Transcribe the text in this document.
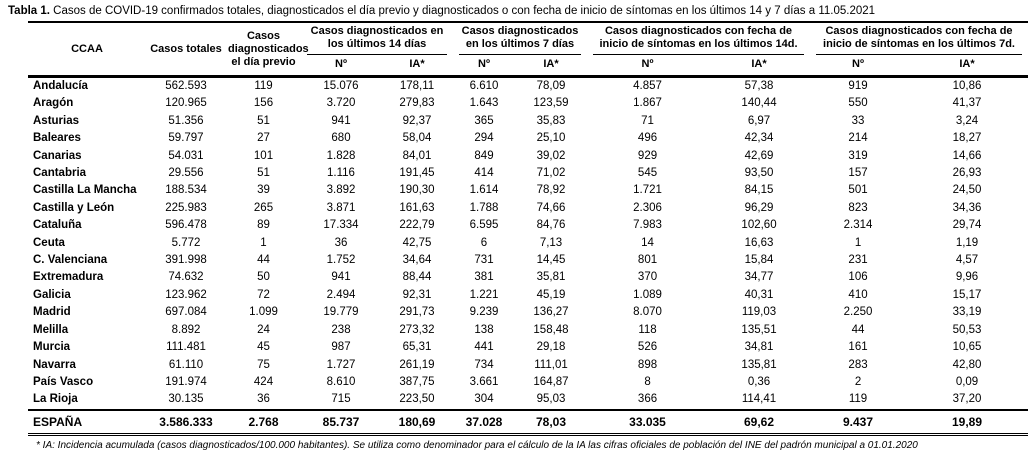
Tabla 1. Casos de COVID-19 confirmados totales, diagnosticados el día previo y diagnosticados o con fecha de inicio de síntomas en los últimos 14 y 7 días a 11.05.2021
CCAA	Casos totales	Casos diagnosticados el día previo	Casos diagnosticados en los últimos 14 días		Casos diagnosticados en los últimos 7 días		Casos diagnosticados con fecha de inicio de síntomas en los últimos 14d.		Casos diagnosticados con fecha de inicio de síntomas en los últimos 7d.	

			Nº	IA*	Nº	IA*	Nº	IA*	Nº	IA*
Andalucía	562.593	119	15.076	178,11	6.610	78,09	4.857	57,38	919	10,86
Aragón	120.965	156	3.720	279,83	1.643	123,59	1.867	140,44	550	41,37
Asturias	51.356	51	941	92,37	365	35,83	71	6,97	33	3,24
Baleares	59.797	27	680	58,04	294	25,10	496	42,34	214	18,27
Canarias	54.031	101	1.828	84,01	849	39,02	929	42,69	319	14,66
Cantabria	29.556	51	1.116	191,45	414	71,02	545	93,50	157	26,93
Castilla La Mancha	188.534	39	3.892	190,30	1.614	78,92	1.721	84,15	501	24,50
Castilla y León	225.983	265	3.871	161,63	1.788	74,66	2.306	96,29	823	34,36
Cataluña	596.478	89	17.334	222,79	6.595	84,76	7.983	102,60	2.314	29,74
Ceuta	5.772	1	36	42,75	6	7,13	14	16,63	1	1,19
C. Valenciana	391.998	44	1.752	34,64	731	14,45	801	15,84	231	4,57
Extremadura	74.632	50	941	88,44	381	35,81	370	34,77	106	9,96
Galicia	123.962	72	2.494	92,31	1.221	45,19	1.089	40,31	410	15,17
Madrid	697.084	1.099	19.779	291,73	9.239	136,27	8.070	119,03	2.250	33,19
Melilla	8.892	24	238	273,32	138	158,48	118	135,51	44	50,53
Murcia	111.481	45	987	65,31	441	29,18	526	34,81	161	10,65
Navarra	61.110	75	1.727	261,19	734	111,01	898	135,81	283	42,80
País Vasco	191.974	424	8.610	387,75	3.661	164,87	8	0,36	2	0,09
La Rioja	30.135	36	715	223,50	304	95,03	366	114,41	119	37,20
ESPAÑA	3.586.333	2.768	85.737	180,69	37.028	78,03	33.035	69,62	9.437	19,89
* IA: Incidencia acumulada (casos diagnosticados/100.000 habitantes). Se utiliza como denominador para el cálculo de la IA las cifras oficiales de población del INE del padrón municipal a 01.01.2020
